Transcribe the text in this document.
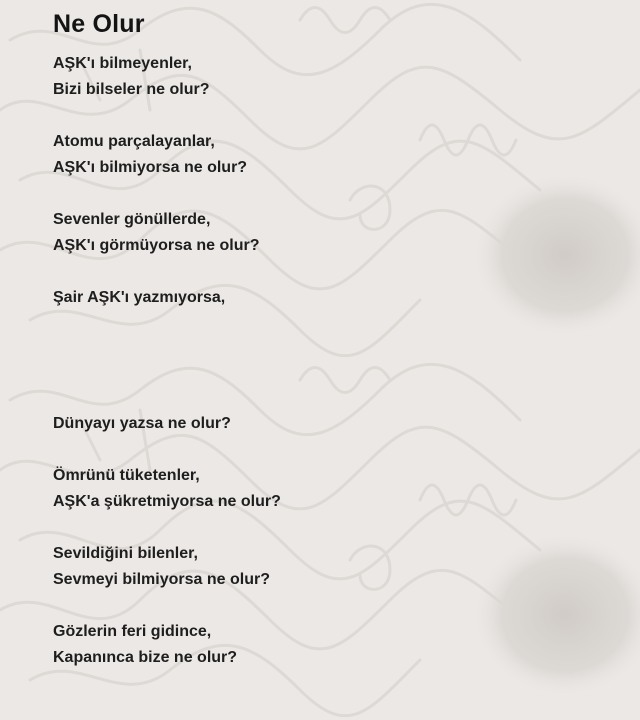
Ne Olur

AŞK'ı bilmeyenler,

Bizi bilseler ne olur?

Atomu parçalayanlar,

AŞK'ı bilmiyorsa ne olur?

Sevenler gönüllerde,

AŞK'ı görmüyorsa ne olur?

Şair AŞK'ı yazmıyorsa,

Dünyayı yazsa ne olur?

Ömrünü tüketenler,

AŞK'a şükretmiyorsa ne olur?

Sevildiğini bilenler,

Sevmeyi bilmiyorsa ne olur?

Gözlerin feri gidince,

Kapanınca bize ne olur?
